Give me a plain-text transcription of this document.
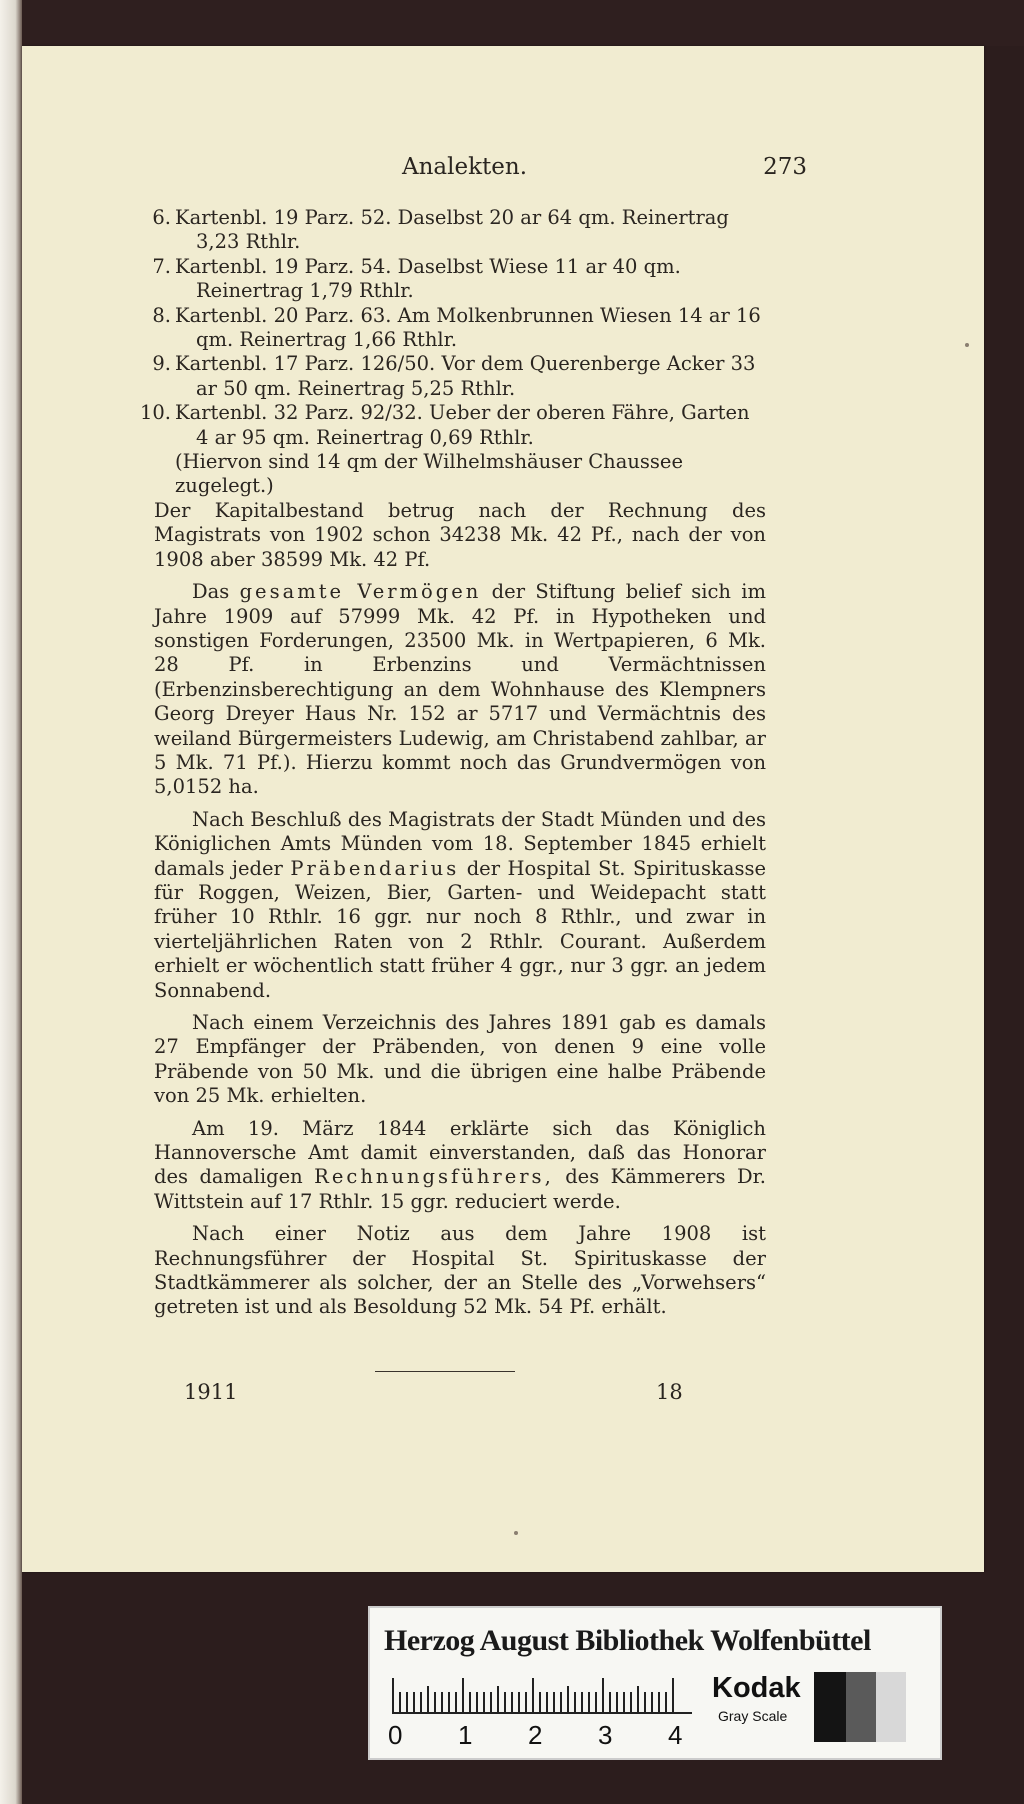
Analekten.	273
6. Kartenbl. 19 Parz. 52. Daselbst 20 ar 64 qm. Reinertrag 3,23 Rthlr.
7. Kartenbl. 19 Parz. 54. Daselbst Wiese 11 ar 40 qm. Reinertrag 1,79 Rthlr.
8. Kartenbl. 20 Parz. 63. Am Molkenbrunnen Wiesen 14 ar 16 qm. Reinertrag 1,66 Rthlr.
9. Kartenbl. 17 Parz. 126/50. Vor dem Querenberge Acker 33 ar 50 qm. Reinertrag 5,25 Rthlr.
10. Kartenbl. 32 Parz. 92/32. Ueber der oberen Fähre, Garten 4 ar 95 qm. Reinertrag 0,69 Rthlr.

(Hiervon sind 14 qm der Wilhelmshäuser Chaussee zugelegt.)

Der Kapitalbestand betrug nach der Rechnung des Magistrats von 1902 schon 34238 Mk. 42 Pf., nach der von 1908 aber 38599 Mk. 42 Pf.

Das gesamte Vermögen der Stiftung belief sich im Jahre 1909 auf 57999 Mk. 42 Pf. in Hypotheken und sonstigen Forderungen, 23500 Mk. in Wertpapieren, 6 Mk. 28 Pf. in Erbenzins und Vermächtnissen (Erbenzinsberechtigung an dem Wohnhause des Klempners Georg Dreyer Haus Nr. 152 ar 5717 und Vermächtnis des weiland Bürgermeisters Ludewig, am Christabend zahlbar, ar 5 Mk. 71 Pf.). Hierzu kommt noch das Grundvermögen von 5,0152 ha.

Nach Beschluß des Magistrats der Stadt Münden und des Königlichen Amts Münden vom 18. September 1845 erhielt damals jeder Präbendarius der Hospital St. Spirituskasse für Roggen, Weizen, Bier, Garten- und Weidepacht statt früher 10 Rthlr. 16 ggr. nur noch 8 Rthlr., und zwar in vierteljährlichen Raten von 2 Rthlr. Courant. Außerdem erhielt er wöchentlich statt früher 4 ggr., nur 3 ggr. an jedem Sonnabend.

Nach einem Verzeichnis des Jahres 1891 gab es damals 27 Empfänger der Präbenden, von denen 9 eine volle Präbende von 50 Mk. und die übrigen eine halbe Präbende von 25 Mk. erhielten.

Am 19. März 1844 erklärte sich das Königlich Hannoversche Amt damit einverstanden, daß das Honorar des damaligen Rechnungsführers, des Kämmerers Dr. Wittstein auf 17 Rthlr. 15 ggr. reduciert werde.

Nach einer Notiz aus dem Jahre 1908 ist Rechnungsführer der Hospital St. Spirituskasse der Stadtkämmerer als solcher, der an Stelle des „Vorwehsers“ getreten ist und als Besoldung 52 Mk. 54 Pf. erhält.

1911	18
Herzog August Bibliothek Wolfenbüttel
0 1 2 3 4
Kodak
Gray Scale
